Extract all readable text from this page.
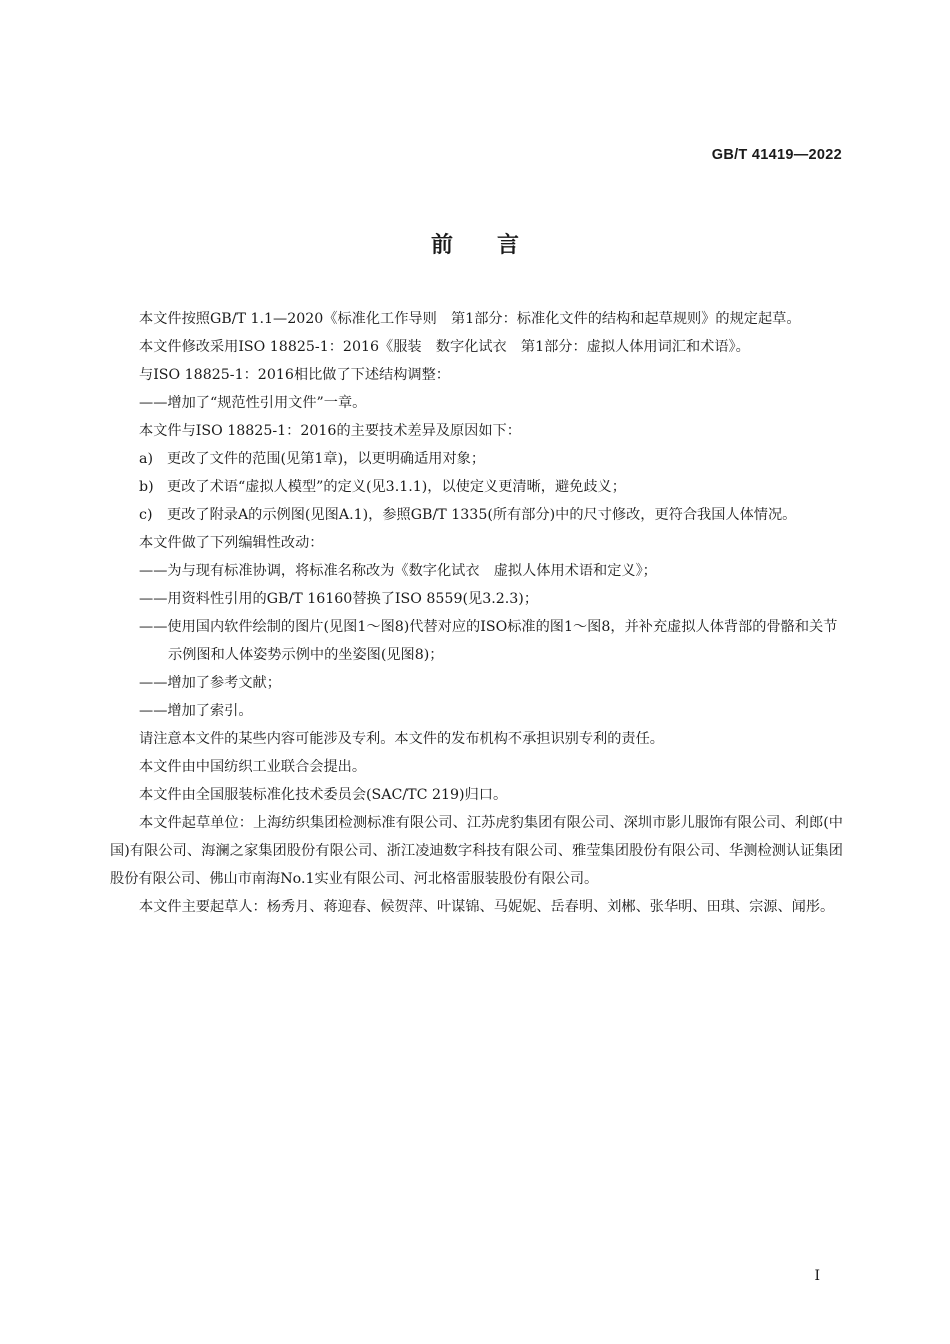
GB/T 41419—2022
前 言

本文件按照GB/T 1.1—2020《标准化工作导则　第1部分：标准化文件的结构和起草规则》的规定起草。

本文件修改采用ISO 18825-1：2016《服装　数字化试衣　第1部分：虚拟人体用词汇和术语》。

与ISO 18825-1：2016相比做了下述结构调整：

——增加了“规范性引用文件”一章。

本文件与ISO 18825-1：2016的主要技术差异及原因如下：

a) 更改了文件的范围(见第1章)，以更明确适用对象；

b) 更改了术语“虚拟人模型”的定义(见3.1.1)，以使定义更清晰，避免歧义；

c) 更改了附录A的示例图(见图A.1)，参照GB/T 1335(所有部分)中的尺寸修改，更符合我国人体情况。

本文件做了下列编辑性改动：

——为与现有标准协调，将标准名称改为《数字化试衣　虚拟人体用术语和定义》；

——用资料性引用的GB/T 16160替换了ISO 8559(见3.2.3)；

——使用国内软件绘制的图片(见图1～图8)代替对应的ISO标准的图1～图8，并补充虚拟人体背部的骨骼和关节示例图和人体姿势示例中的坐姿图(见图8)；

——增加了参考文献；

——增加了索引。

请注意本文件的某些内容可能涉及专利。本文件的发布机构不承担识别专利的责任。

本文件由中国纺织工业联合会提出。

本文件由全国服装标准化技术委员会(SAC/TC 219)归口。

本文件起草单位：上海纺织集团检测标准有限公司、江苏虎豹集团有限公司、深圳市影儿服饰有限公司、利郎(中国)有限公司、海澜之家集团股份有限公司、浙江凌迪数字科技有限公司、雅莹集团股份有限公司、华测检测认证集团股份有限公司、佛山市南海No.1实业有限公司、河北格雷服装股份有限公司。

本文件主要起草人：杨秀月、蒋迎春、候贺萍、叶谋锦、马妮妮、岳春明、刘郴、张华明、田琪、宗源、闻彤。

I
